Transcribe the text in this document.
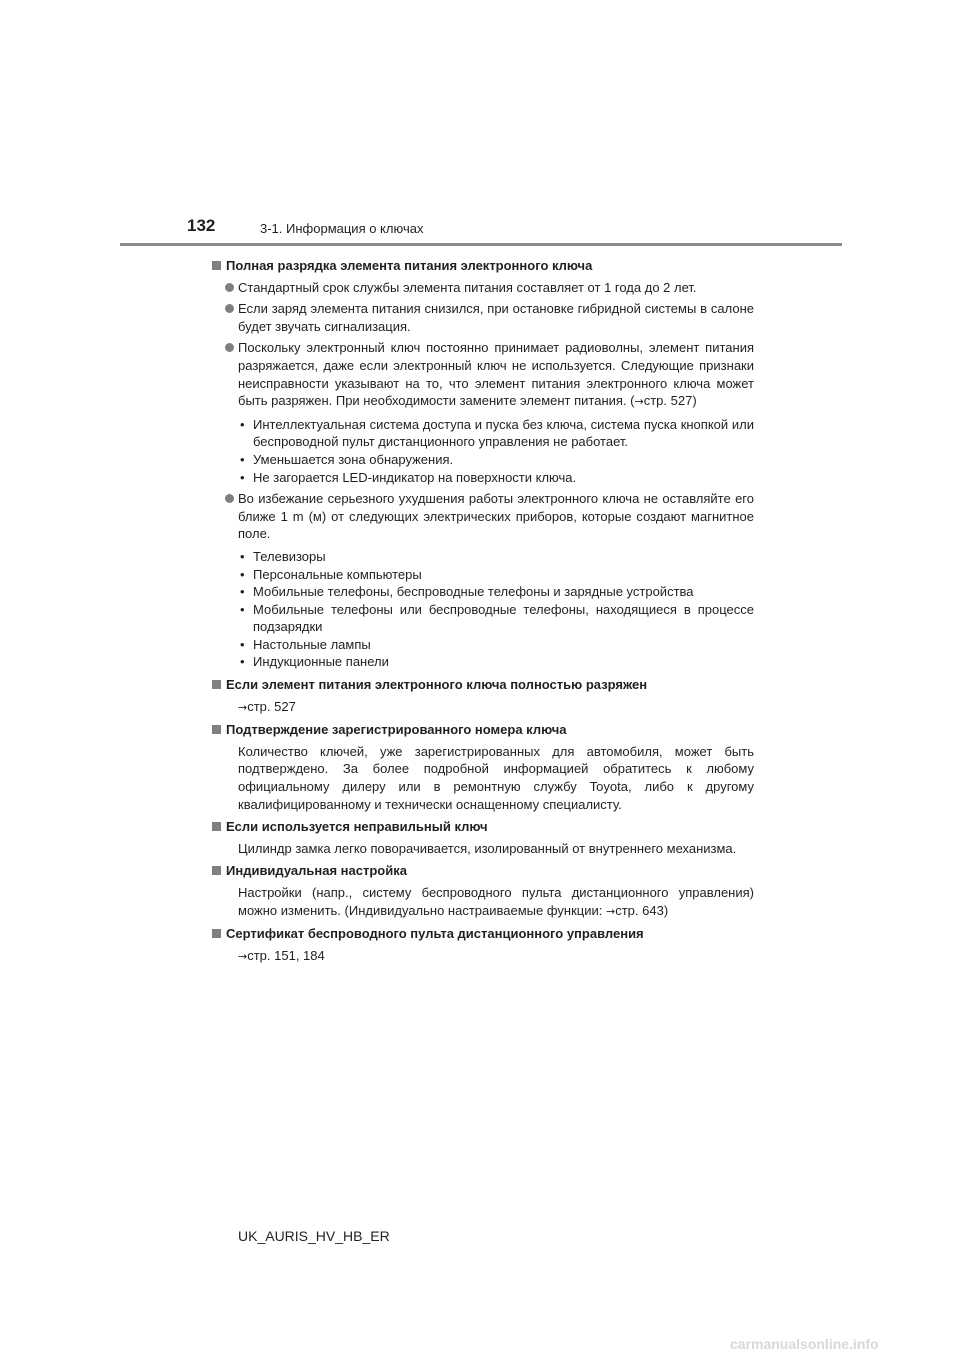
132	3-1. Информация о ключах
Полная разрядка элемента питания электронного ключа
Стандартный срок службы элемента питания составляет от 1 года до 2 лет.
Если заряд элемента питания снизился, при остановке гибридной системы в салоне будет звучать сигнализация.
Поскольку электронный ключ постоянно принимает радиоволны, элемент питания разряжается, даже если электронный ключ не используется. Следующие признаки неисправности указывают на то, что элемент питания электронного ключа может быть разряжен. При необходимости замените элемент питания. (→стр. 527)
• Интеллектуальная система доступа и пуска без ключа, система пуска кнопкой или беспроводной пульт дистанционного управления не работает.
• Уменьшается зона обнаружения.
• Не загорается LED-индикатор на поверхности ключа.
Во избежание серьезного ухудшения работы электронного ключа не оставляйте его ближе 1 m (м) от следующих электрических приборов, которые создают магнитное поле.
• Телевизоры
• Персональные компьютеры
• Мобильные телефоны, беспроводные телефоны и зарядные устройства
• Мобильные телефоны или беспроводные телефоны, находящиеся в процессе подзарядки
• Настольные лампы
• Индукционные панели
Если элемент питания электронного ключа полностью разряжен
→стр. 527
Подтверждение зарегистрированного номера ключа
Количество ключей, уже зарегистрированных для автомобиля, может быть подтверждено. За более подробной информацией обратитесь к любому официальному дилеру или в ремонтную службу Toyota, либо к другому квалифицированному и технически оснащенному специалисту.
Если используется неправильный ключ
Цилиндр замка легко поворачивается, изолированный от внутреннего механизма.
Индивидуальная настройка
Настройки (напр., систему беспроводного пульта дистанционного управления) можно изменить. (Индивидуально настраиваемые функции: →стр. 643)
Сертификат беспроводного пульта дистанционного управления
→стр. 151, 184
UK_AURIS_HV_HB_ER
carmanualsonline.info
